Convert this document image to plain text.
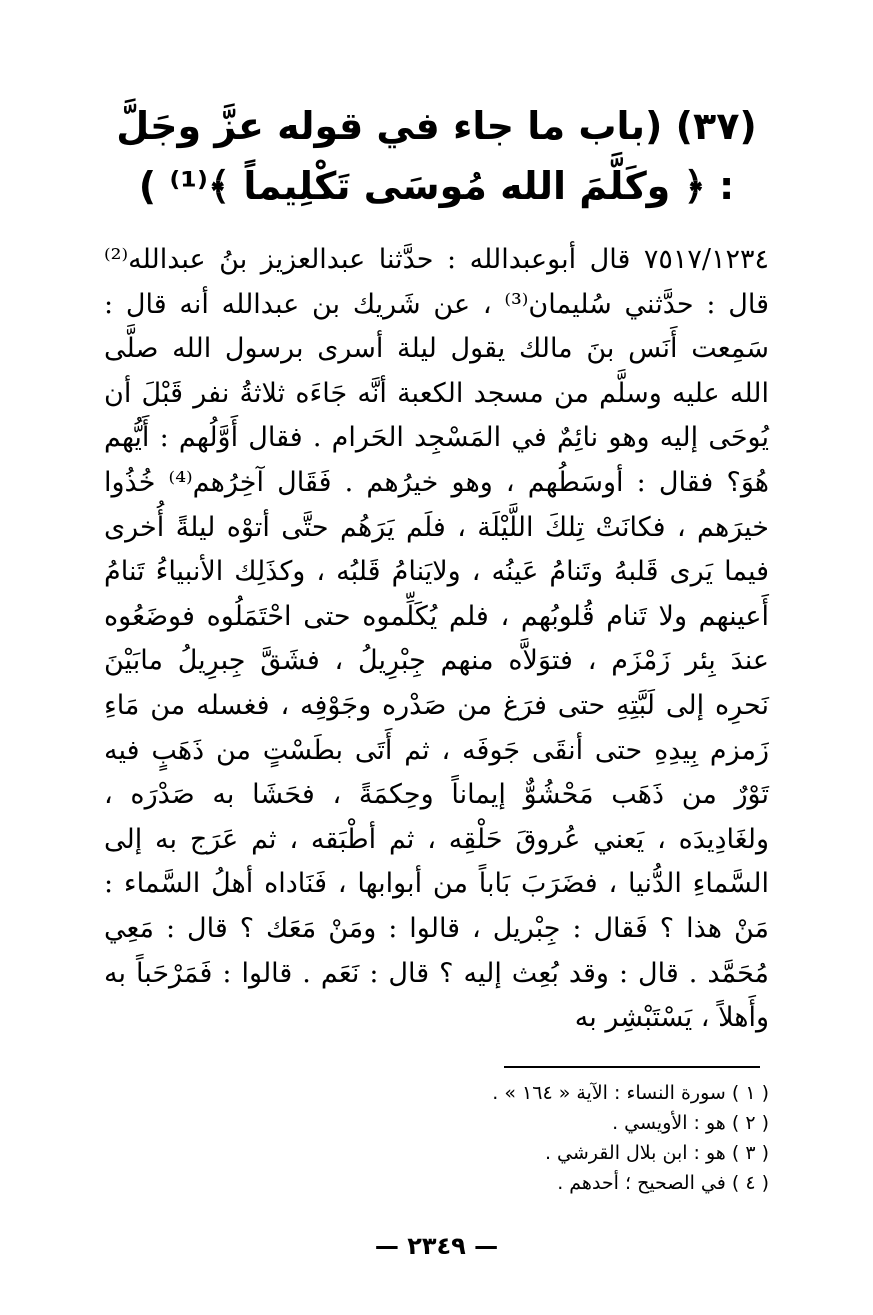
(٣٧) (باب ما جاء في قوله عزَّ وجَلَّ : ﴿ وكَلَّمَ الله مُوسَى تَكْلِيماً ﴾⁽¹⁾ )
٧٥١٧/١٢٣٤ قال أبوعبدالله : حدَّثنا عبدالعزيز بنُ عبدالله⁽²⁾ قال : حدَّثني سُليمان⁽³⁾ ، عن شَريك بن عبدالله أنه قال : سَمِعت أَنَس بنَ مالك يقول ليلة أسرى برسول الله صلَّى الله عليه وسلَّم من مسجد الكعبة أنَّه جَاءَه ثلاثةُ نفر قَبْلَ أن يُوحَى إليه وهو نائِمٌ في المَسْجِد الحَرام . فقال أَوَّلُهم : أَيُّهم هُوَ؟ فقال : أوسَطُهم ، وهو خيرُهم . فَقَال آخِرُهم⁽⁴⁾ خُذُوا خيرَهم ، فكانَتْ تِلكَ اللَّيْلَة ، فلَم يَرَهُم حتَّى أتوْه ليلةً أُخرى فيما يَرى قَلبهُ وتَنامُ عَينُه ، ولايَنامُ قَلبُه ، وكذَلِك الأنبياءُ تَنامُ أَعينهم ولا تَنام قُلوبُهم ، فلم يُكَلِّموه حتى احْتَمَلُوه فوضَعُوه عندَ بِئر زَمْزَم ، فتوَلاَّه منهم جِبْرِيلُ ، فشَقَّ جِبرِيلُ مابَيْنَ نَحرِه إلى لَبَّتِهِ حتى فرَغ من صَدْره وجَوْفِه ، فغسله من مَاءِ زَمزم بِيدِهِ حتى أنقَى جَوفَه ، ثم أَتَى بطَسْتٍ من ذَهَبٍ فيه تَوْرٌ من ذَهَب مَحْشُوٌّ إيماناً وحِكمَةً ، فحَشَا به صَدْرَه ، ولغَادِيدَه ، يَعني عُروقَ حَلْقِه ، ثم أطْبَقه ، ثم عَرَج به إلى السَّماءِ الدُّنيا ، فضَرَبَ بَاباً من أبوابها ، فَنَاداه أهلُ السَّماء : مَنْ هذا ؟ فَقال : جِبْريل ، قالوا : ومَنْ مَعَك ؟ قال : مَعِي مُحَمَّد . قال : وقد بُعِث إليه ؟ قال : نَعَم . قالوا : فَمَرْحَباً به وأَهلاً ، يَسْتَبْشِر به
( ١ ) سورة النساء : الآية « ١٦٤ » .
( ٢ ) هو : الأويسي .
( ٣ ) هو : ابن بلال القرشي .
( ٤ ) في الصحيح ؛ أحدهم .
— ٢٣٤٩ —
